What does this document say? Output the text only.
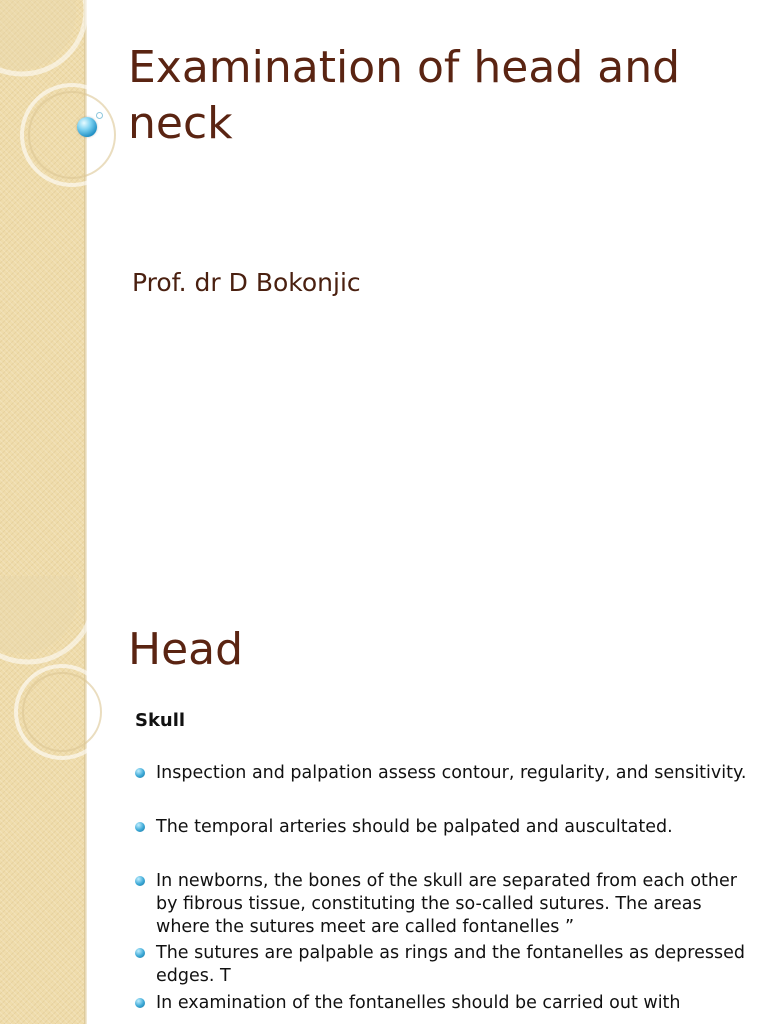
Examination of head and neck

Prof. dr D Bokonjic

Head

Skull

Inspection and palpation assess contour, regularity, and sensitivity.
The temporal arteries should be palpated and auscultated.
In newborns, the bones of the skull are separated from each other by fibrous tissue, constituting the so-called sutures. The areas where the sutures meet are called fontanelles ”
The sutures are palpable as rings and the fontanelles as depressed edges. T
In examination of the fontanelles should be carried out with
